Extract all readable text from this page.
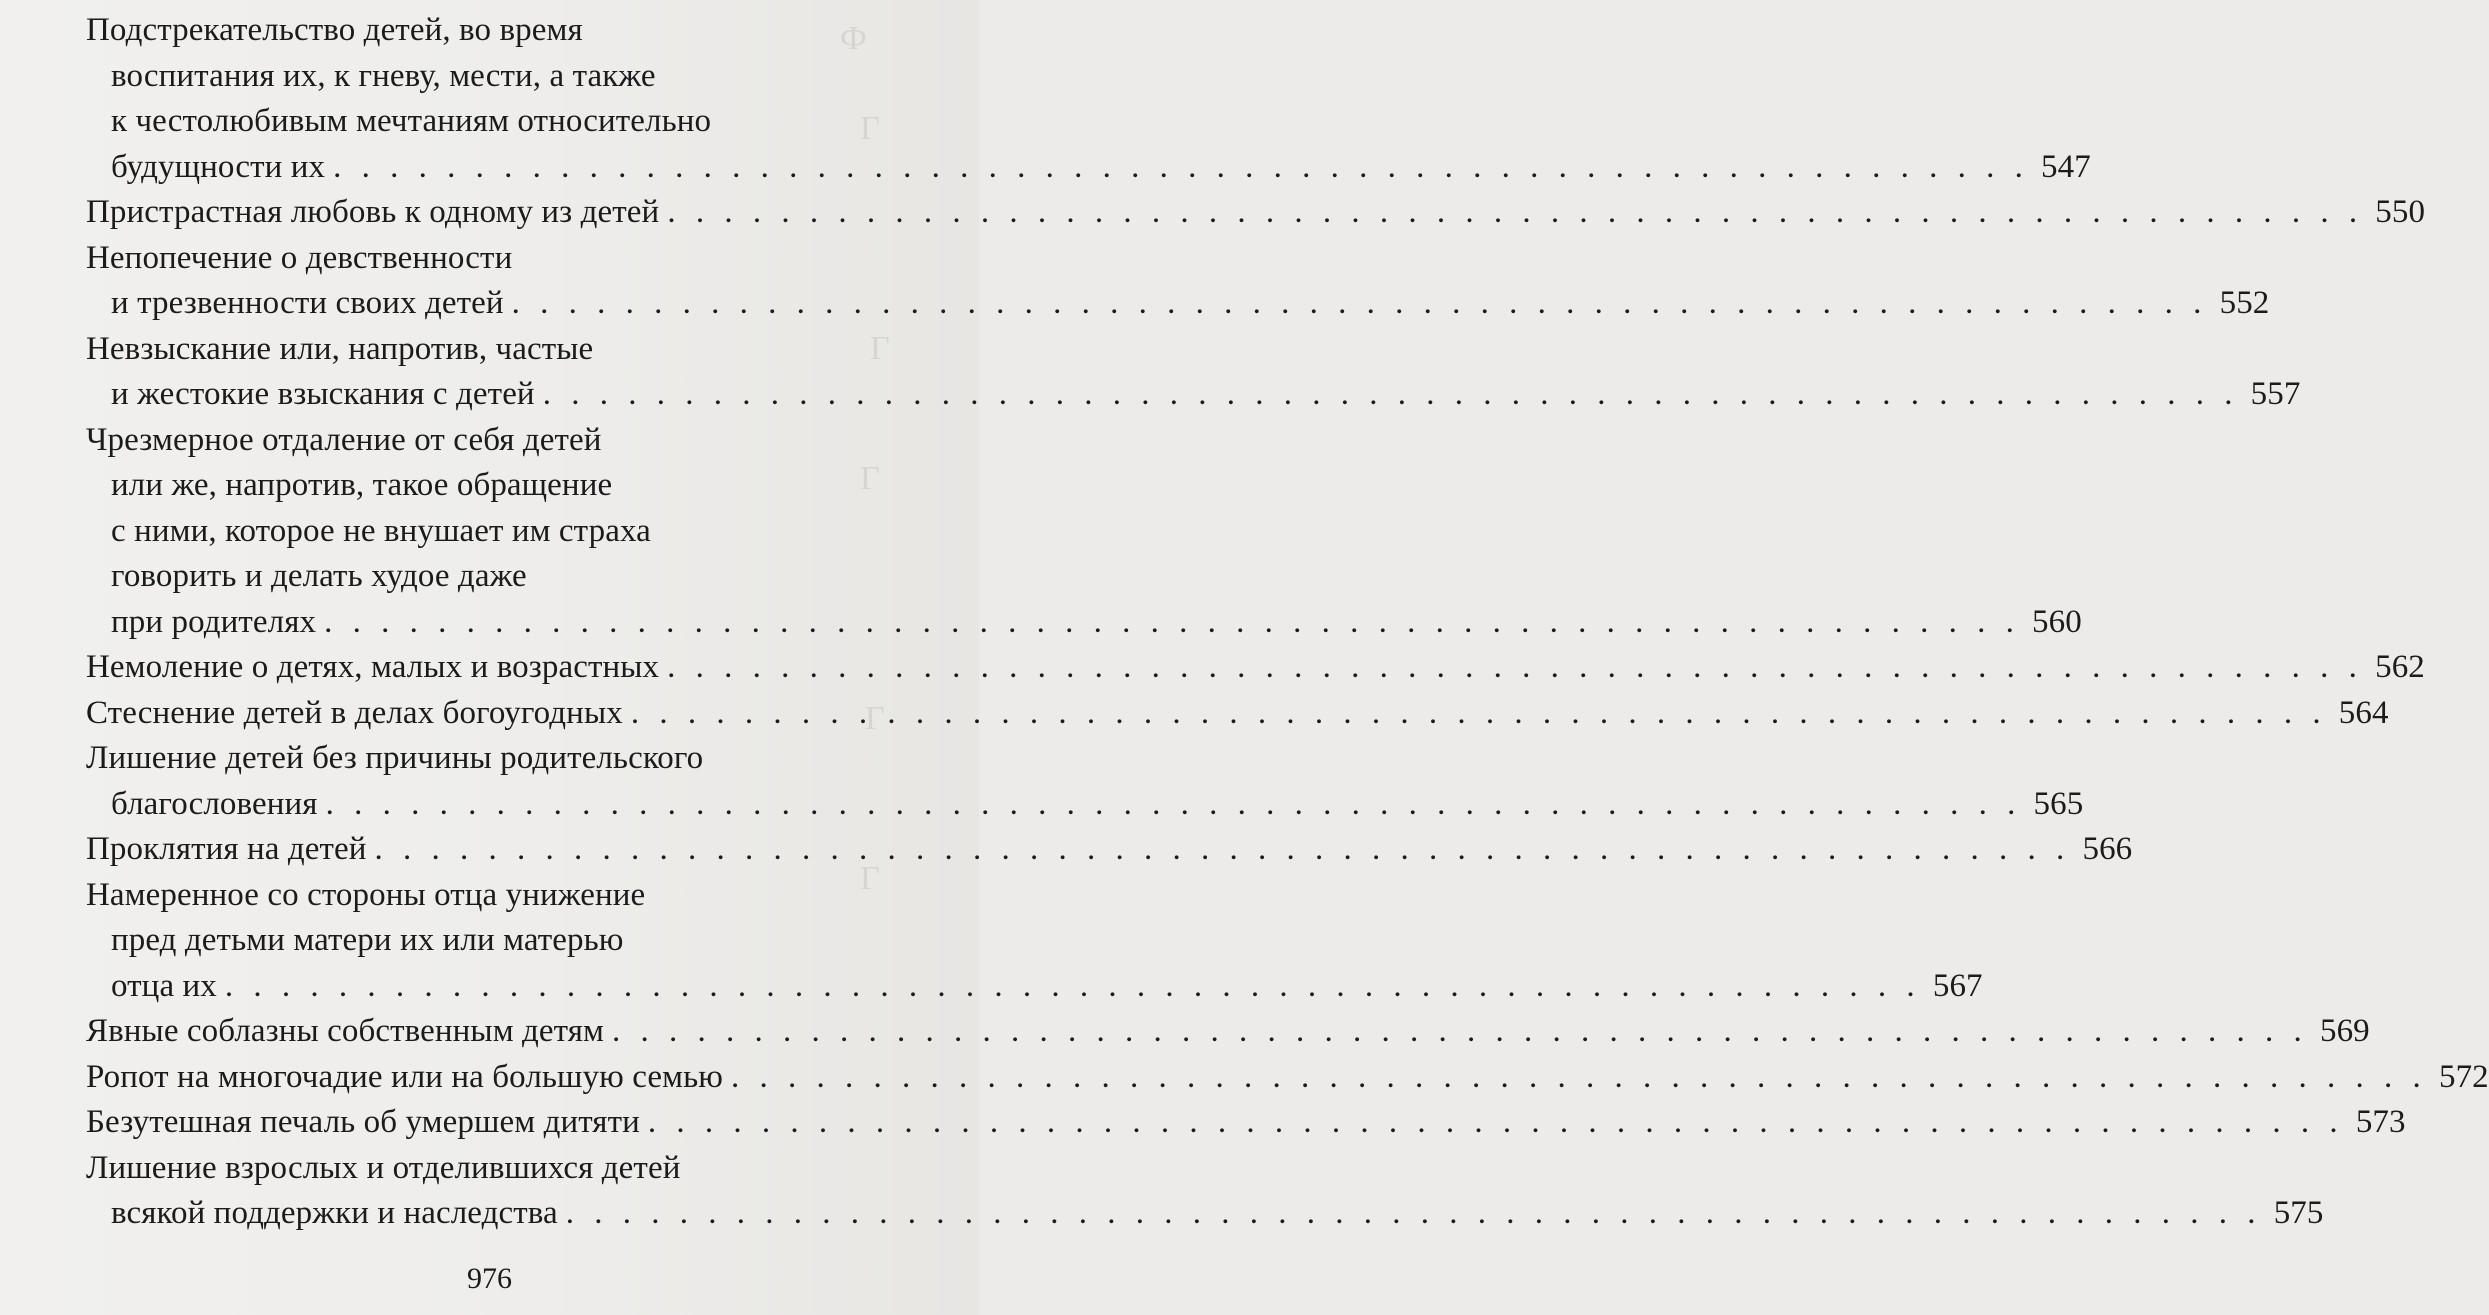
Ф
Г
Г
Г
Г
Г
Подстрекательство детей, во время
воспитания их, к гневу, мести, а также
к честолюбивым мечтаниям относительно
будущности их . . .	547
Пристрастная любовь к одному из детей . . .	550
Непопечение о девственности
и трезвенности своих детей . . .	552
Невзыскание или, напротив, частые
и жестокие взыскания с детей . . .	557
Чрезмерное отдаление от себя детей
или же, напротив, такое обращение
с ними, которое не внушает им страха
говорить и делать худое даже
при родителях . . .	560
Немоление о детях, малых и возрастных . . .	562
Стеснение детей в делах богоугодных . . .	564
Лишение детей без причины родительского
благословения . . .	565
Проклятия на детей . . .	566
Намеренное со стороны отца унижение
пред детьми матери их или матерью
отца их . . .	567
Явные соблазны собственным детям . . .	569
Ропот на многочадие или на большую семью . . .	572
Безутешная печаль об умершем дитяти . . .	573
Лишение взрослых и отделившихся детей
всякой поддержки и наследства . . .	575
976
